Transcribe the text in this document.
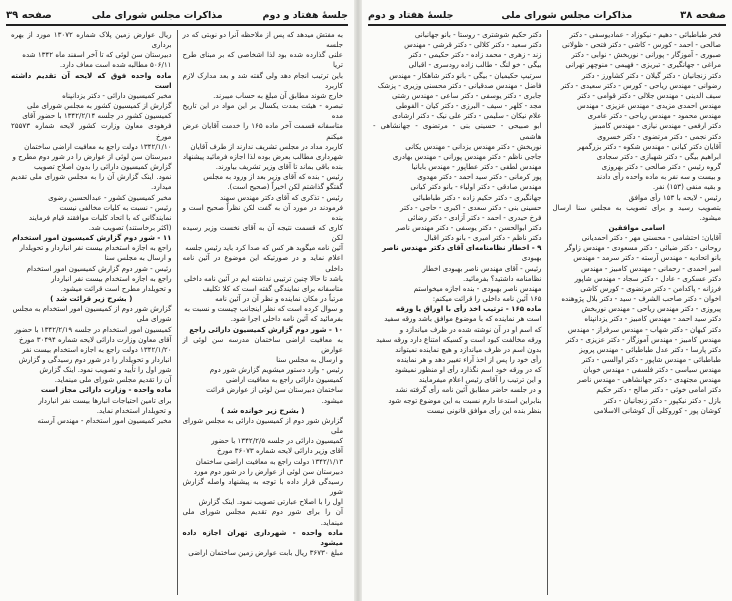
جلسهٔ هفتاد و دوم
مذاکرات مجلس شورای ملی
صفحه ۳۹

به مفتش میدهد که پس از ملاحظه آنرا دو نوبتی که در جلسه

علنی گذارده شده بود لذا اشخاصی که بر مبنای طرح تریا

باین ترتیب انجام دهد ولی گفته شد و بعد مدارک لازم کاربرد

خارج شوند مطابق آن مبلغ به حساب میبرند.

تبصره - هیئت بمدت یکسال بر این مواد در این تاریخ مده

متاسفانه قسمت آخر ماده ۱۶۵ را خدمت آقایان عرض میکنم

کاربرد مداد در مجلس تشریف ندارند از طرف آقایان

شهرداری مطالب بعرض بوده لذا اجازه فرمائید پیشنهاد

بنده باقی بماند تا آقای وزیر تشریف بیاورند.

رئیس - بنده که آقای وزیر بعد از ورود به مجلس

گفتگو گذاشتم لکن اخیراً (صحیح است).

رئیس - تذکری که آقای دکتر مهندس سهند

فرمودند در مورد آن به گفت لکن نظراً صحیح است و بنده

کاری که قسمت نتیجه آن به آقای نخست وزیر رسیده لکن

آئین نامه میگوید هر کس که صدا کرد باید رئیس جلسه

اعلام نماید و در صورتیکه این موضوع در آئین نامه داخلی

باشد تا حالا چنین ترتیبی نداشته ایم در آئین نامه داخلی

متاسفانه برای نمایندگی گفته است که کلا تکلیف

مرتباً در مکان نماینده و نظر آن در آئین نامه

و سوال کرده است که نظر اینجانب چیست و نسبت به

بفرمائید که آئین نامه داخلی اجرا شود.

۱۰ - شور دوم گزارش کمیسیون دارائی راجع

به معافیت اراضی ساختمان مدرسه سن لوئی از عوارض

و ارسال به مجلس سنا

رئیس - وارد دستور میشویم گزارش شور دوم

کمیسیون دارائی راجع به معافیت اراضی

ساختمان دبیرستان سن لوئی از عوارض قرائت

میشود.

( بشرح زیر خوانده شد )

گزارش شور دوم از کمیسیون دارائی به مجلس شورای ملی

کمیسیون دارائی در جلسه ۱۳۴۲/۲/۵ با حضور

آقای وزیر دارائی لایحه شماره ۳۶۰۷۳ مورخ

۱۳۴۲/۱/۱۳ دولت راجع به معافیت اراضی ساختمان

دبیرستان سن لوئی از عوارض را در شور دوم مورد

رسیدگی قرار داده با توجه به پیشنهاد واصله گزارش شور

اول را با اصلاح عبارتی تصویب نمود. اینک گزارش

آن را برای شور دوم تقدیم مجلس شورای ملی مینماید.

ماده واحده - شهرداری تهران اجازه داده میشود

مبلغ ۳۶۷۳۰ ریال بابت عوارض زمین ساختمان اراضی

ریال عوارض زمین پلاک شماره ۱۳۰۷۲ مورد از بهره برداری

دبیرستان سن لوئی که تا آخر اسفند ماه ۱۳۴۲ شده

۵۰۶/۱۱ مطالبه شده است معاف دارد.

ماده واحده فوق که لایحه آن تقدیم داشته است

مخبر کمیسیون دارائی - دکتر یزدانپناه

گزارش از کمیسیون کشور به مجلس شورای ملی

کمیسیون کشور در جلسه ۱۳۴۲/۲/۱۴ با حضور آقای

فرهودی معاون وزارت کشور لایحه شماره ۲۵۵۷۳ مورخ

۱۳۴۲/۱/۱۰ دولت راجع به معافیت اراضی ساختمان

دبیرستان سن لوئی از عوارض را در شور دوم مطرح و

گزارش کمیسیون دارائی را بدون اصلاح تصویب

نمود. اینک گزارش آن را به مجلس شورای ملی تقدیم میدارد.

مخبر کمیسیون کشور - عبدالحسین رضوی

رئیس - نسبت به کلیات مخالفی نیست

نمایندگانی که با اتحاد کلیات موافقند قیام فرمایند

(اکثر برخاستند) تصویب شد.

۱۱ - شور دوم گزارش کمیسیون امور استخدام

راجع به اجازه استخدام بیست نفر انباردار و تحویلدار

و ارسال به مجلس سنا

رئیس - شور دوم گزارش کمیسیون امور استخدام

راجع به اجازه استخدام بیست نفر انباردار

و تحویلدار مطرح است قرائت میشود.

( بشرح زیر قرائت شد )

گزارش شور دوم از کمیسیون امور استخدام به مجلس

شورای ملی

کمیسیون امور استخدام در جلسه ۱۳۴۲/۲/۱۹ با حضور

آقای معاون وزارت دارائی لایحه شماره ۳۰۴۹۴ مورخ

۱۳۴۲/۱/۲۰ دولت راجع به اجازه استخدام بیست نفر

انباردار و تحویلدار را در شور دوم رسیدگی و گزارش

شور اول را تأیید و تصویب نمود. اینک گزارش

آن را تقدیم مجلس شورای ملی مینماید.

ماده واحده - وزارت دارائی مجاز است

برای تامین احتیاجات انبارها بیست نفر انباردار

و تحویلدار استخدام نماید.

مخبر کمیسیون امور استخدام - مهندس آرسته

صفحه ۳۸
مذاکرات مجلس شورای ملی
جلسهٔ هفتاد و دوم

فخر طباطبائی - دهیم - نیکوزاد - عمادیوسفی - دکتر

صالحی - احمد - کورس - کاشی - دکتر فتحی - ظولانی

صبوری - آموزگار - پورانی - نوربخش - نوابی - دکتر

مراغی - جهانگیری - تبریزی - فهیمی - منوچهر تهرانی

دکتر زنجانیان - دکتر گیلان - دکتر کشاورز - دکتر

رضوانی - مهندس ریاحی - کورس - دکتر سعیدی - دکتر

سیف الدینی - مهندس جلالی - دکتر قوامی - دکتر

مهندس احمدی مزیدی - مهندس عزیزی - مهندس

مهندس محمود - مهندس ریاحی - دکتر عامری

دکتر ارفعی - مهندس نیازی - مهندس کامبیز

دکتر نجمی - دکتر مرتضوی - دکتر خسروی

آقایان دکتر کیانی - مهندس شکوه - دکتر بزرگمهر

ابراهیم بیگی - دکتر شهبازی - دکتر سجادی

گروه رئیس - دکتر صالحی - دکتر بهروزی

و بیست و سه نفر به ماده واحده رأی دادند

و بقیه منفی (۱۵۳) نفر.

رئیس - لایحه با ۱۵۳ رأی موافق

بتصویب رسید و برای تصویب به مجلس سنا ارسال میشود.

اسامی موافقین

آقایان: احتشامی - محسنی مهر - دکتر احمدیانی

روحانی - دکتر ضیائی - دکتر مسعودی - مهندس زاوگر

بانو اتحادیه - مهندس آرسته - دکتر سرمد - مهندس

امیر احمدی - رحمانی - مهندس کامبیز - مهندس

دکتر عسکری - عادل - دکتر سجاد - مهندس شاپور

فرزانه - پاکدامن - دکتر مرتضوی - کورس کاشی

اخوان - دکتر صاحب الشرف - سید - دکتر بلال پژوهنده

پیروزی - دکتر مهندس ریاحی - مهندس نوربخش

دکتر سید احمد - مهندس کامبیز - دکتر یزدانپناه

دکتر کیهان - دکتر شهاب - مهندس سرفراز - مهندس

مهندس کامبیز - مهندس آموزگار - دکتر عزیزی - دکتر

دکتر پارسا - دکتر عدل طباطبائی - مهندس پرویز

طباطبائی - مهندس شاپور - دکتر اوالسی - دکتر

مهندس سیاسی - دکتر فلسفی - مهندس خوبان

مهندس مجتهدی - دکتر جهانشاهی - مهندس ناصر

دکتر امامی خوئی - دکتر صالح - دکتر حکیم

بازل - دکتر نیکپور - دکتر زنجانیان - دکتر

کوشان پور - کوروکلی آل کوشانی الاسلامی

دکتر حکیم شوشتری - روستا - بانو جهانبانی

دکتر سعید - دکتر کلالی - دکتر قرشی - مهندس

زند - زهری - محمد زاده - دکتر حکیمی - دکتر

بیگی - خو لنگ - طالب زاده رودسری - اقبالی

سرتیپ حکیمیان - بیگی - بانو دکتر شاهکار - مهندس

فاضل - مهندس صدقیانی - دکتر محسنی وزیری - پزشک

جابری - دکتر یوسفی - دکتر ساعی - مهندس رشتی

مجد - کلهر - سیف - البرزی - دکتر کیان - الفوطی

علام نیکان - سلیمی - دکتر علی نیک - دکتر ارشادی

ابو صبیحی - حسینی بنی - مرتضوی - جهانشاهی - هاشمی

نوربخش - دکتر مهندس یزدانی - مهندس یکانی

جاجی ناظم - دکتر مهندس پورانی - مهندس بهادری

مهندس لطفی - دکتر عطاپور - مهندس بابانیا

پور کرمانی - دکتر سید احمد - دکتر مهدوی

مهندس صادقی - دکتر اولیاء - بانو دکتر کیانی

جهانگیری - دکتر حکیم زاده - دکتر طباطبائی

حسینی بنی - دکتر سعدی - اکبری - حاجی - دکتر

فرخ حیدری - احمد - دکتر آزادی - دکتر رضائی

دکتر ابوالحسن - دکتر یوسفی - دکتر مهندس ناصر

دکتر ناظم - دکتر امیری - بانو دکتر اقبال

۹ - اخطار نظامنامه‌ای آقای دکتر مهندس ناصر

بهبودی

رئیس - آقای مهندس ناصر بهبودی اخطار

نظامنامه داشتید؟ بفرمائید.

مهندس ناصر بهبودی - بنده اجازه میخواستم

۱۶۵ آئین نامه داخلی را قرائت میکنم:

ماده ۱۶۵ - ترتیب اخذ رأی با اوراق یا ورقه

است هر نماینده که با موضوع موافق باشد ورقه سفید

که اسم او در آن نوشته شده در ظرف میاندازد و

ورقه مخالفت کبود است و کسیکه امتناع دارد ورقه سفید

بدون اسم در ظرف میاندازد و هیچ نماینده نمیتواند

رأی خود را پس از اخذ آراء تغییر دهد و هر نماینده

که در ورقه خود اسم نگذارد رأی او منظور نمیشود

و این ترتیب را آقای رئیس اعلام میفرمایند

و در جلسه حاضر مطابق آئین نامه رأی گرفته نشد

بنابراین استدعا دارم نسبت به این موضوع توجه شود

بنظر بنده این رأی موافق قانونی نیست
